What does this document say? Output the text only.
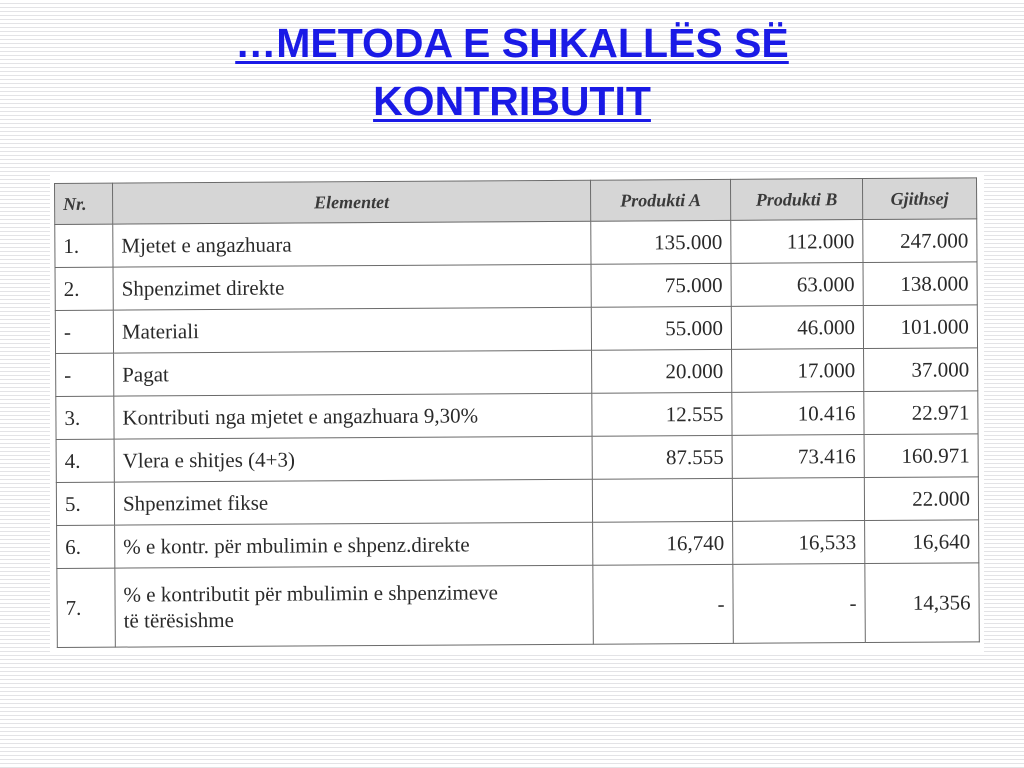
…METODA E SHKALLËS SË
KONTRIBUTIT
Nr.	Elementet	Produkti A	Produkti B	Gjithsej
1.	Mjetet e angazhuara	135.000	112.000	247.000
2.	Shpenzimet direkte	75.000	63.000	138.000
-	Materiali	55.000	46.000	101.000
-	Pagat	20.000	17.000	37.000
3.	Kontributi nga mjetet e angazhuara 9,30%	12.555	10.416	22.971
4.	Vlera e shitjes (4+3)	87.555	73.416	160.971
5.	Shpenzimet fikse			22.000
6.	% e kontr. për mbulimin e shpenz.direkte	16,740	16,533	16,640
7.	% e kontributit për mbulimin e shpenzimeve
të tërësishme	-	-	14,356
